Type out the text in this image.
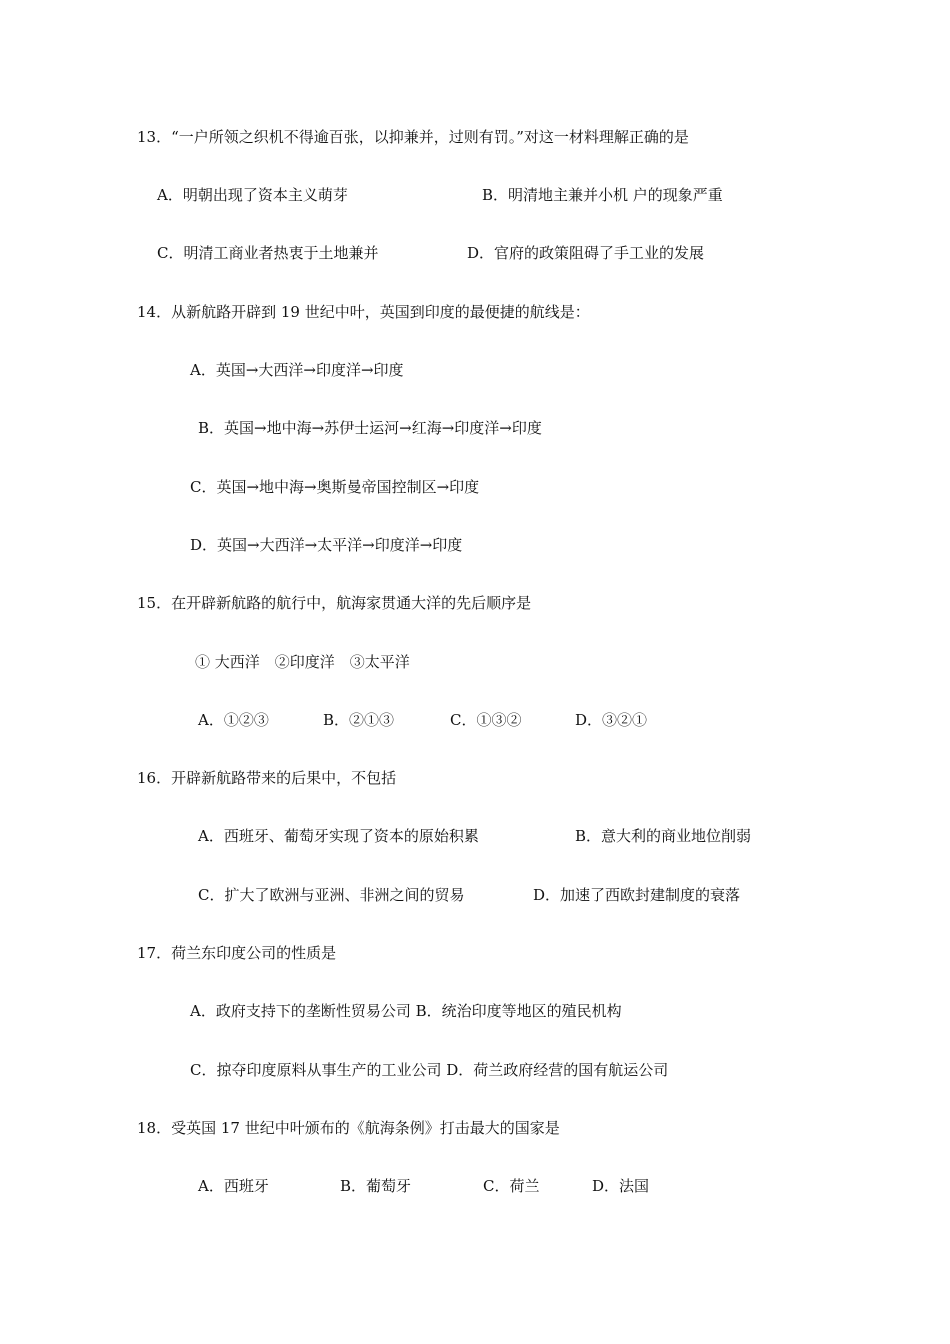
13．“一户所领之织机不得逾百张，以抑兼并，过则有罚。”对这一材料理解正确的是

A．明朝出现了资本主义萌芽

	B．明清地主兼并小机 户的现象严重

C．明清工商业者热衷于土地兼并

	D．官府的政策阻碍了手工业的发展

14．从新航路开辟到 19 世纪中叶，英国到印度的最便捷的航线是：
A．英国→大西洋→印度洋→印度
B．英国→地中海→苏伊士运河→红海→印度洋→印度
C．英国→地中海→奥斯曼帝国控制区→印度
D．英国→大西洋→太平洋→印度洋→印度
15．在开辟新航路的航行中，航海家贯通大洋的先后顺序是
① 大西洋　②印度洋　③太平洋

A．①②③

	B．②①③

	C．①③②

	D．③②①

16．开辟新航路带来的后果中，不包括

A．西班牙、葡萄牙实现了资本的原始积累

	B．意大利的商业地位削弱

C．扩大了欧洲与亚洲、非洲之间的贸易

	D．加速了西欧封建制度的衰落

17．荷兰东印度公司的性质是
A．政府支持下的垄断性贸易公司 B．统治印度等地区的殖民机构
C．掠夺印度原料从事生产的工业公司 D．荷兰政府经营的国有航运公司
18．受英国 17 世纪中叶颁布的《航海条例》打击最大的国家是

A．西班牙

	B．葡萄牙

	C．荷兰

	D．法国
